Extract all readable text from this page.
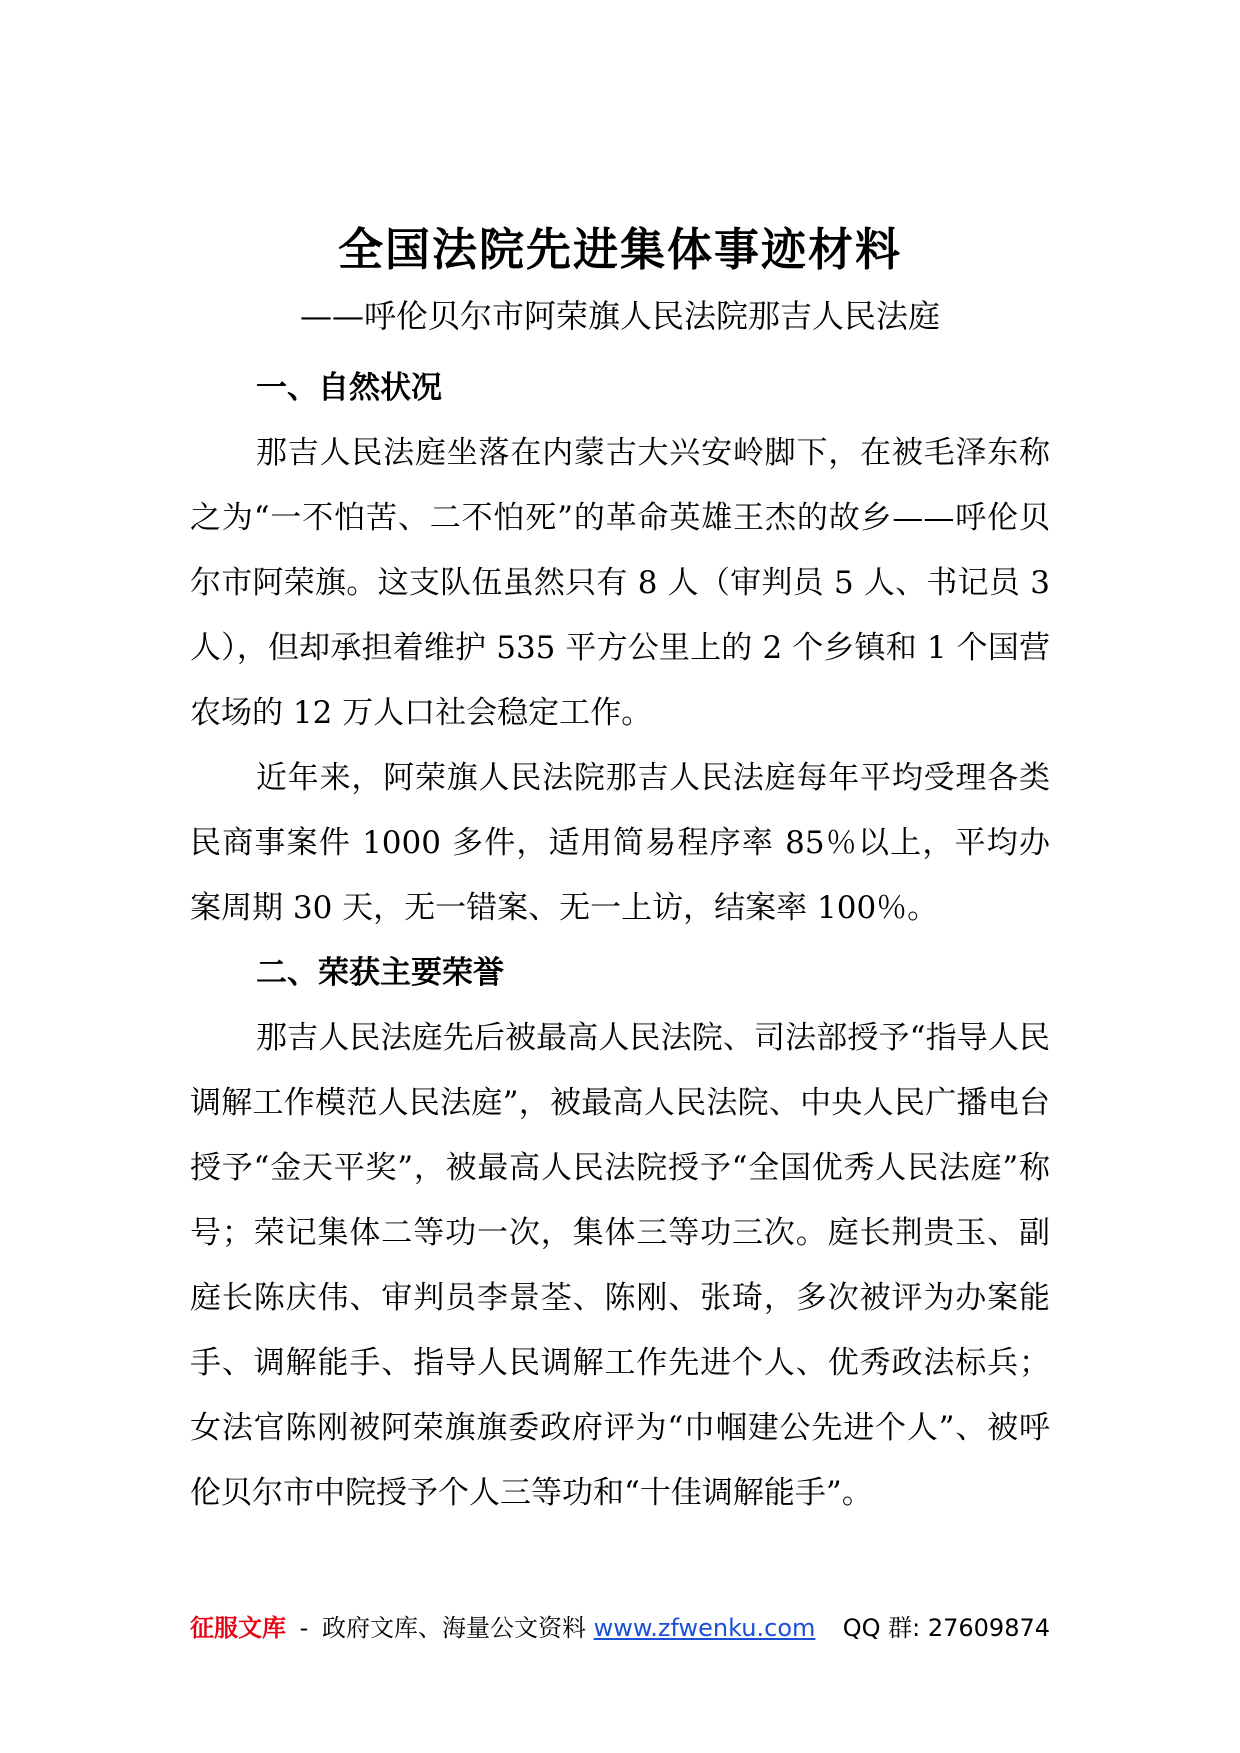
全国法院先进集体事迹材料
——呼伦贝尔市阿荣旗人民法院那吉人民法庭

一、自然状况

那吉人民法庭坐落在内蒙古大兴安岭脚下，在被毛泽东称之为“一不怕苦、二不怕死”的革命英雄王杰的故乡——呼伦贝尔市阿荣旗。这支队伍虽然只有 8 人（审判员 5 人、书记员 3 人），但却承担着维护 535 平方公里上的 2 个乡镇和 1 个国营农场的 12 万人口社会稳定工作。

近年来，阿荣旗人民法院那吉人民法庭每年平均受理各类民商事案件 1000 多件，适用简易程序率 85％以上，平均办案周期 30 天，无一错案、无一上访，结案率 100％。

二、荣获主要荣誉

那吉人民法庭先后被最高人民法院、司法部授予“指导人民调解工作模范人民法庭”，被最高人民法院、中央人民广播电台授予“金天平奖”，被最高人民法院授予“全国优秀人民法庭”称号；荣记集体二等功一次，集体三等功三次。庭长荆贵玉、副庭长陈庆伟、审判员李景荃、陈刚、张琦，多次被评为办案能手、调解能手、指导人民调解工作先进个人、优秀政法标兵；女法官陈刚被阿荣旗旗委政府评为“巾帼建公先进个人”、被呼伦贝尔市中院授予个人三等功和“十佳调解能手”。

征服文库 - 政府文库、海量公文资料 www.zfwenku.com QQ 群: 27609874
